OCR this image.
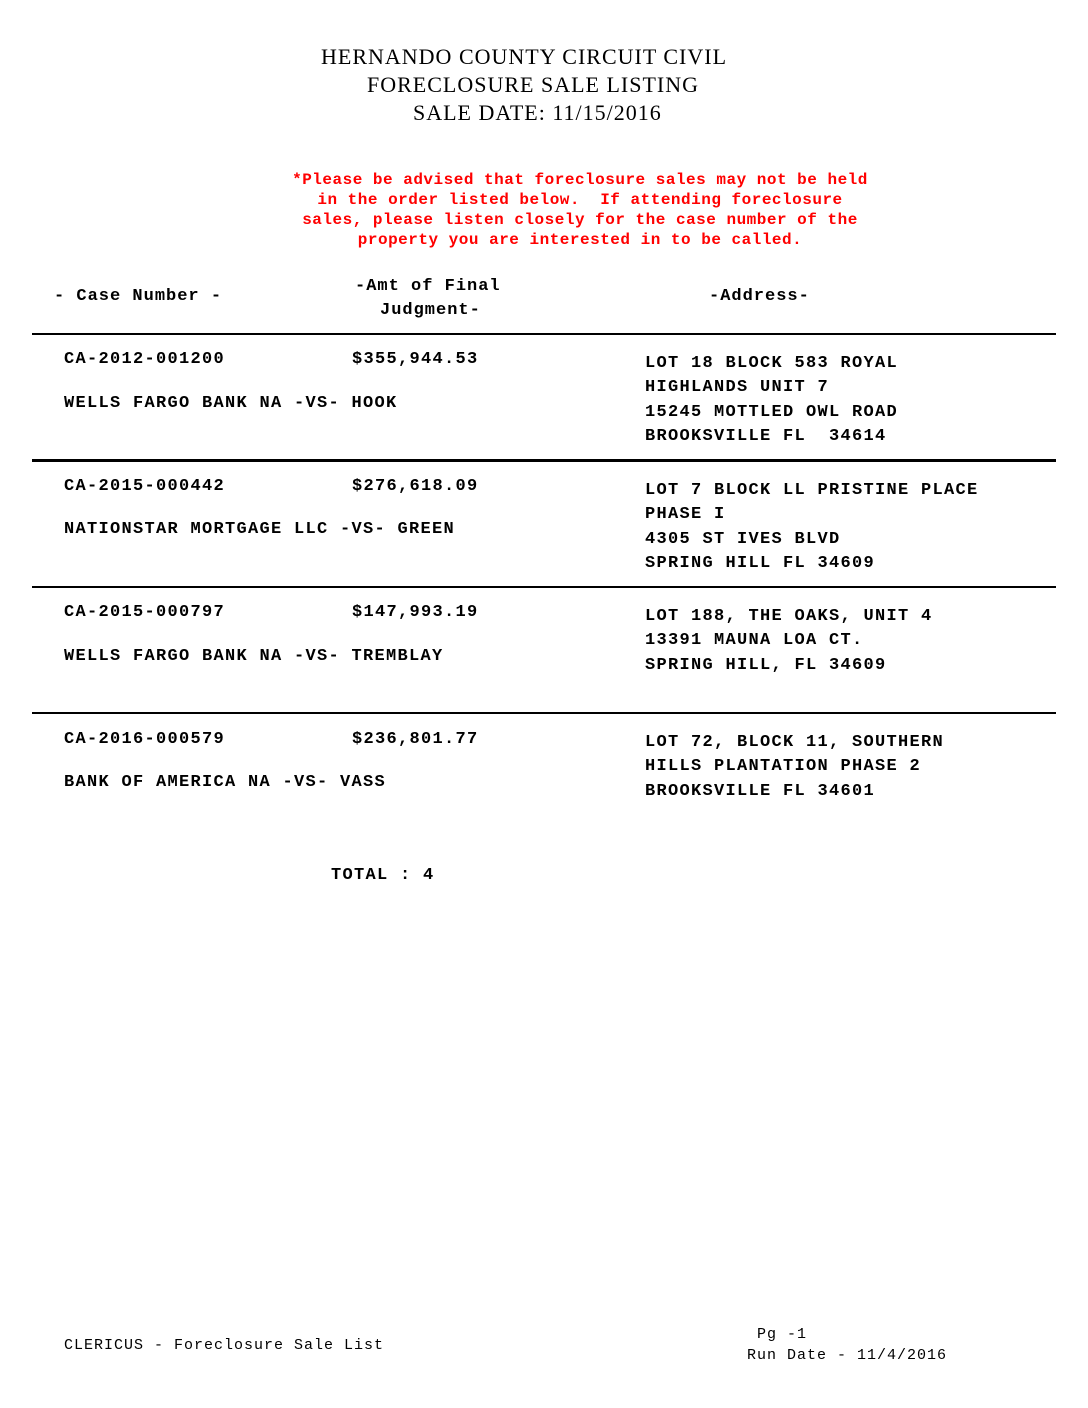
HERNANDO COUNTY CIRCUIT CIVIL
FORECLOSURE SALE LISTING
SALE DATE: 11/15/2016
*Please be advised that foreclosure sales may not be held
in the order listed below.  If attending foreclosure
sales, please listen closely for the case number of the
property you are interested in to be called.
- Case Number -
-Amt of Final
Judgment-
-Address-
CA-2012-001200	$355,944.53
WELLS FARGO BANK NA -VS- HOOK
LOT 18 BLOCK 583 ROYAL
HIGHLANDS UNIT 7
15245 MOTTLED OWL ROAD
BROOKSVILLE FL  34614
CA-2015-000442	$276,618.09
NATIONSTAR MORTGAGE LLC -VS- GREEN
LOT 7 BLOCK LL PRISTINE PLACE
PHASE I
4305 ST IVES BLVD
SPRING HILL FL 34609
CA-2015-000797	$147,993.19
WELLS FARGO BANK NA -VS- TREMBLAY
LOT 188, THE OAKS, UNIT 4
13391 MAUNA LOA CT.
SPRING HILL, FL 34609
CA-2016-000579	$236,801.77
BANK OF AMERICA NA -VS- VASS
LOT 72, BLOCK 11, SOUTHERN
HILLS PLANTATION PHASE 2
BROOKSVILLE FL 34601
TOTAL : 4
CLERICUS - Foreclosure Sale List
Pg -1
Run Date - 11/4/2016
